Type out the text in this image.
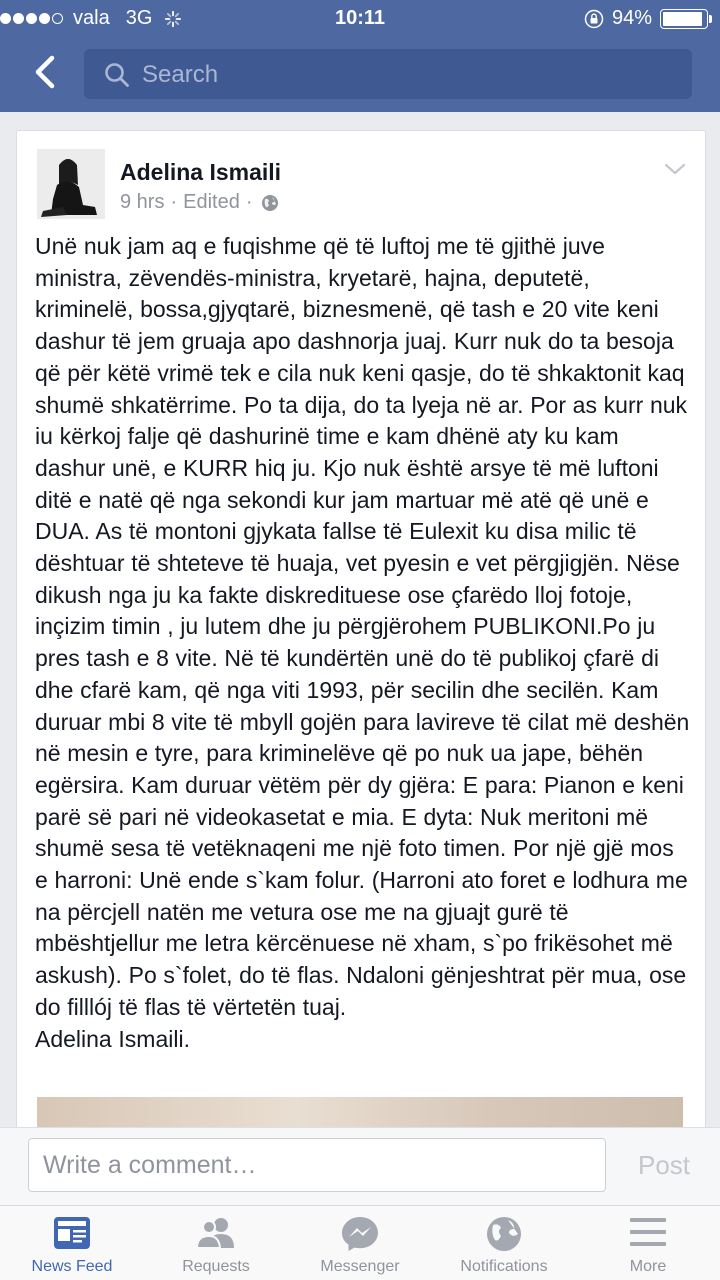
vala 3G	10:11	94%
Search
Adelina Ismaili
9 hrs · Edited ·

Unë nuk jam aq e fuqishme që të luftoj me të gjithë juve ministra, zëvendës-ministra, kryetarë, hajna, deputetë, kriminelë, bossa,gjyqtarë, biznesmenë, që tash e 20 vite keni dashur të jem gruaja apo dashnorja juaj. Kurr nuk do ta besoja që për këtë vrimë tek e cila nuk keni qasje, do të shkaktonit kaq shumë shkatërrime. Po ta dija, do ta lyeja në ar. Por as kurr nuk iu kërkoj falje që dashurinë time e kam dhënë aty ku kam dashur unë, e KURR hiq ju. Kjo nuk është arsye të më luftoni ditë e natë që nga sekondi kur jam martuar më atë që unë e DUA. As të montoni gjykata fallse të Eulexit ku disa milic të dështuar të shteteve të huaja, vet pyesin e vet përgjigjën. Nëse dikush nga ju ka fakte diskredituese ose çfarëdo lloj fotoje, inçizim timin , ju lutem dhe ju përgjërohem PUBLIKONI.Po ju pres tash e 8 vite. Në të kundërtën unë do të publikoj çfarë di dhe cfarë kam, që nga viti 1993, për secilin dhe secilën. Kam duruar mbi 8 vite të mbyll gojën para lavireve të cilat më deshën në mesin e tyre, para kriminelëve që po nuk ua jape, bëhën egërsira. Kam duruar vëtëm për dy gjëra: E para: Pianon e keni parë së pari në videokasetat e mia. E dyta: Nuk meritoni më shumë sesa të vetëknaqeni me një foto timen. Por një gjë mos e harroni: Unë ende s`kam folur. (Harroni ato foret e lodhura me na përcjell natën me vetura ose me na gjuajt gurë të mbështjellur me letra kërcënuese në xham, s`po frikësohet më askush). Po s`folet, do të flas. Ndaloni gënjeshtrat për mua, ose do filllój të flas të vërtetën tuaj.
Adelina Ismaili.

Write a comment…
Post
News Feed	Requests	Messenger	Notifications	More
